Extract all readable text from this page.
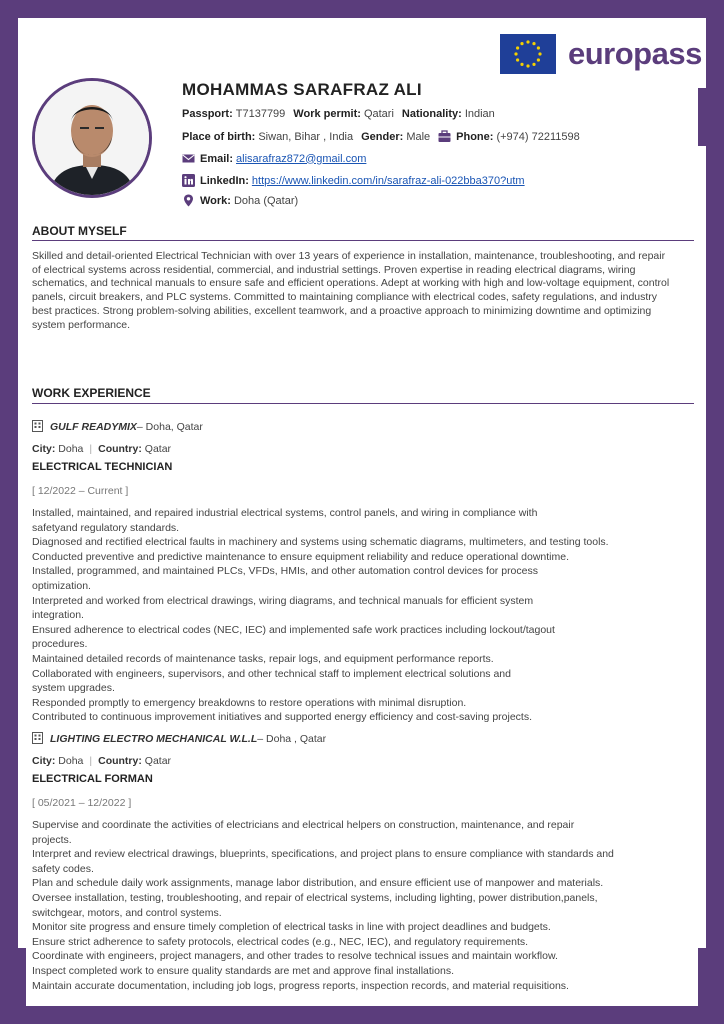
europass
MOHAMMAS SARAFRAZ ALI
Passport: T7137799 Work permit: Qatari Nationality: Indian
Place of birth: Siwan, Bihar , India Gender: Male Phone: (+974) 72211598
Email: alisarafraz872@gmail.com
LinkedIn: https://www.linkedin.com/in/sarafraz-ali-022bba370?utm
Work: Doha (Qatar)
ABOUT MYSELF
Skilled and detail-oriented Electrical Technician with over 13 years of experience in installation, maintenance, troubleshooting, and repair of electrical systems across residential, commercial, and industrial settings. Proven expertise in reading electrical diagrams, wiring schematics, and technical manuals to ensure safe and efficient operations. Adept at working with high and low-voltage equipment, control panels, circuit breakers, and PLC systems. Committed to maintaining compliance with electrical codes, safety regulations, and industry best practices. Strong problem-solving abilities, excellent teamwork, and a proactive approach to minimizing downtime and optimizing system performance.
WORK EXPERIENCE
GULF READYMIX – Doha, Qatar
City: Doha | Country: Qatar
ELECTRICAL TECHNICIAN
[ 12/2022 – Current ]
Installed, maintained, and repaired industrial electrical systems, control panels, and wiring in compliance with
safetyand regulatory standards.
Diagnosed and rectified electrical faults in machinery and systems using schematic diagrams, multimeters, and testing tools.
Conducted preventive and predictive maintenance to ensure equipment reliability and reduce operational downtime.
Installed, programmed, and maintained PLCs, VFDs, HMIs, and other automation control devices for process
optimization.
Interpreted and worked from electrical drawings, wiring diagrams, and technical manuals for efficient system
integration.
Ensured adherence to electrical codes (NEC, IEC) and implemented safe work practices including lockout/tagout
procedures.
Maintained detailed records of maintenance tasks, repair logs, and equipment performance reports.
Collaborated with engineers, supervisors, and other technical staff to implement electrical solutions and
system upgrades.
Responded promptly to emergency breakdowns to restore operations with minimal disruption.
Contributed to continuous improvement initiatives and supported energy efficiency and cost-saving projects.
LIGHTING ELECTRO MECHANICAL W.L.L – Doha , Qatar
City: Doha | Country: Qatar
ELECTRICAL FORMAN
[ 05/2021 – 12/2022 ]
Supervise and coordinate the activities of electricians and electrical helpers on construction, maintenance, and repair
projects.
Interpret and review electrical drawings, blueprints, specifications, and project plans to ensure compliance with standards and
safety codes.
Plan and schedule daily work assignments, manage labor distribution, and ensure efficient use of manpower and materials.
Oversee installation, testing, troubleshooting, and repair of electrical systems, including lighting, power distribution,panels,
switchgear, motors, and control systems.
Monitor site progress and ensure timely completion of electrical tasks in line with project deadlines and budgets.
Ensure strict adherence to safety protocols, electrical codes (e.g., NEC, IEC), and regulatory requirements.
Coordinate with engineers, project managers, and other trades to resolve technical issues and maintain workflow.
Inspect completed work to ensure quality standards are met and approve final installations.
Maintain accurate documentation, including job logs, progress reports, inspection records, and material requisitions.
